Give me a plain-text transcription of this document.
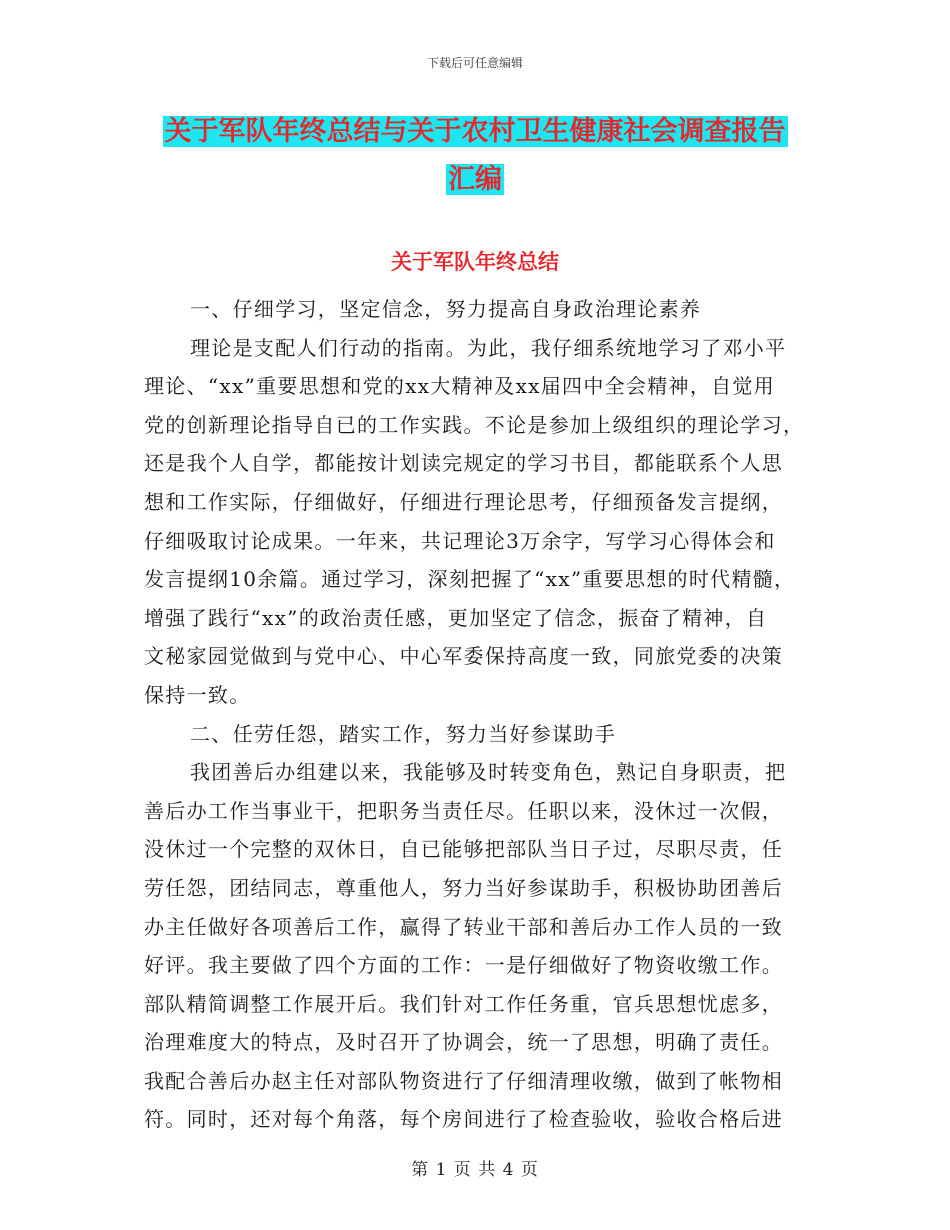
下载后可任意编辑
关于军队年终总结与关于农村卫生健康社会调查报告
汇编
关于军队年终总结
一、仔细学习，坚定信念，努力提高自身政治理论素养
理论是支配人们行动的指南。为此，我仔细系统地学习了邓小平
理论、“xx”重要思想和党的xx大精神及xx届四中全会精神，自觉用
党的创新理论指导自已的工作实践。不论是参加上级组织的理论学习，
还是我个人自学，都能按计划读完规定的学习书目，都能联系个人思
想和工作实际，仔细做好，仔细进行理论思考，仔细预备发言提纲，
仔细吸取讨论成果。一年来，共记理论3万余字，写学习心得体会和
发言提纲10余篇。通过学习，深刻把握了“xx”重要思想的时代精髓，
增强了践行“xx”的政治责任感，更加坚定了信念，振奋了精神，自
文秘家园觉做到与党中心、中心军委保持高度一致，同旅党委的决策
保持一致。
二、任劳任怨，踏实工作，努力当好参谋助手
我团善后办组建以来，我能够及时转变角色，熟记自身职责，把
善后办工作当事业干，把职务当责任尽。任职以来，没休过一次假，
没休过一个完整的双休日，自已能够把部队当日子过，尽职尽责，任
劳任怨，团结同志，尊重他人，努力当好参谋助手，积极协助团善后
办主任做好各项善后工作，赢得了转业干部和善后办工作人员的一致
好评。我主要做了四个方面的工作：一是仔细做好了物资收缴工作。
部队精简调整工作展开后。我们针对工作任务重，官兵思想忧虑多，
治理难度大的特点，及时召开了协调会，统一了思想，明确了责任。
我配合善后办赵主任对部队物资进行了仔细清理收缴，做到了帐物相
符。同时，还对每个角落，每个房间进行了检查验收，验收合格后进
第 1 页 共 4 页
